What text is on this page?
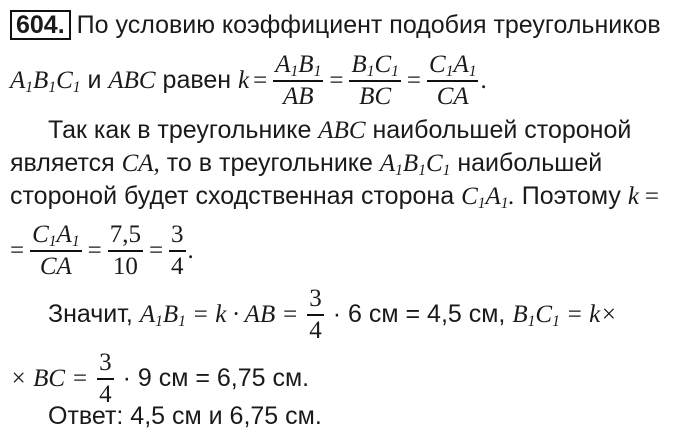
604. По условию коэффициент подобия треугольников
$A_1B_1C_1$ и ABC равен $k = \frac{A_1B_1}{AB} = \frac{B_1C_1}{BC} = \frac{C_1A_1}{CA}$ .
Так как в треугольнике ABC наибольшей стороной
является CA, то в треугольнике $A_1B_1C_1$ наибольшей
стороной будет сходственная сторона $C_1A_1$. Поэтому k =
= $\frac{C_1A_1}{CA} = \frac{7,5}{10} = \frac{3}{4}$ .
Значит, $A_1B_1 = k$ · AB = $\frac{3}{4} \cdot 6$ см = 4,5 см, $B_1C_1 = k\times$
× BC = $\frac{3}{4} \cdot 9$ см = 6,75 см.
Ответ: 4,5 см и 6,75 см.
